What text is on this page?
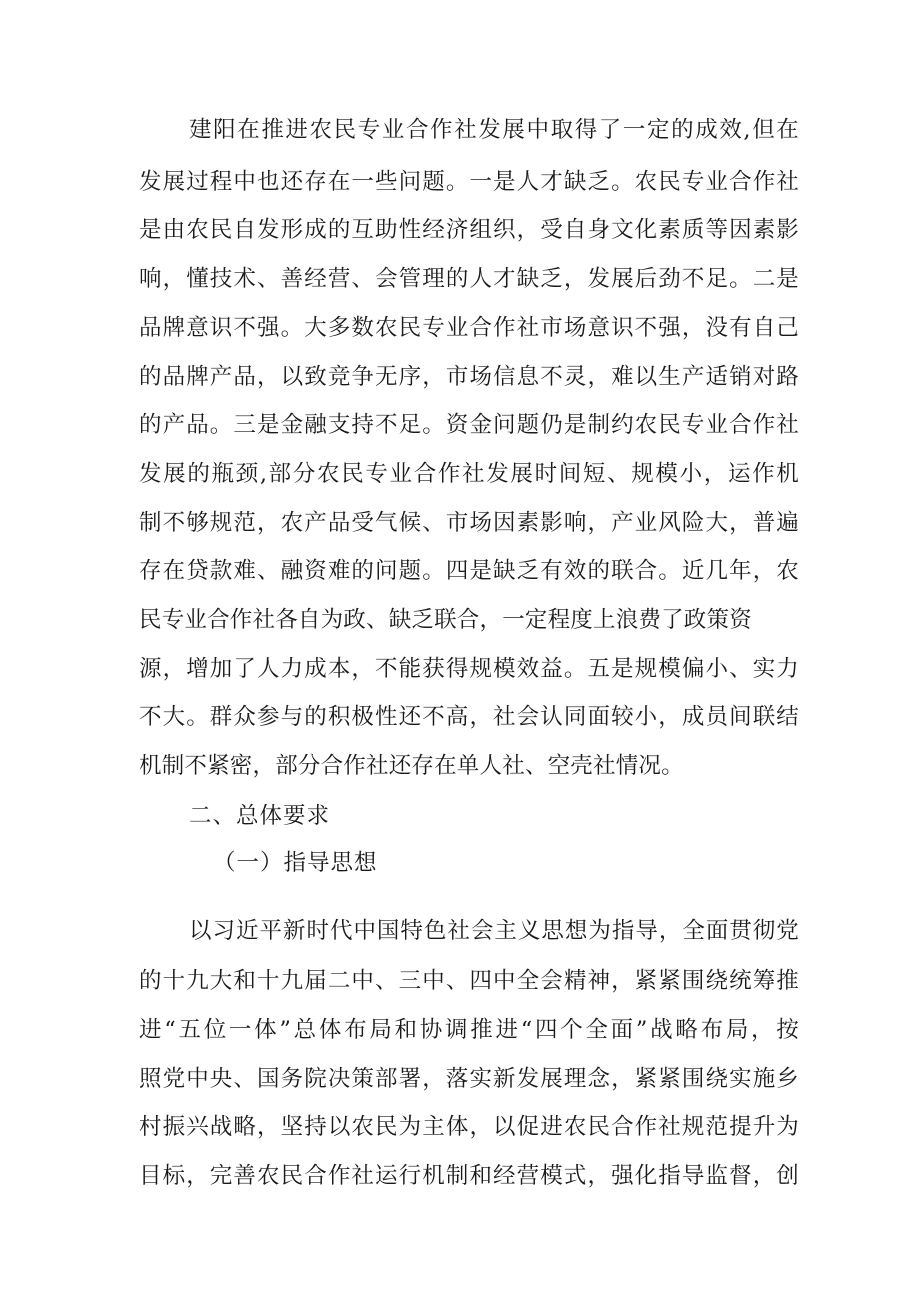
建阳在推进农民专业合作社发展中取得了一定的成效,但在
发展过程中也还存在一些问题。一是人才缺乏。农民专业合作社
是由农民自发形成的互助性经济组织，受自身文化素质等因素影
响，懂技术、善经营、会管理的人才缺乏，发展后劲不足。二是
品牌意识不强。大多数农民专业合作社市场意识不强，没有自己
的品牌产品，以致竞争无序，市场信息不灵，难以生产适销对路
的产品。三是金融支持不足。资金问题仍是制约农民专业合作社
发展的瓶颈,部分农民专业合作社发展时间短、规模小，运作机
制不够规范，农产品受气候、市场因素影响，产业风险大，普遍
存在贷款难、融资难的问题。四是缺乏有效的联合。近几年，农
民专业合作社各自为政、缺乏联合，一定程度上浪费了政策资
源，增加了人力成本，不能获得规模效益。五是规模偏小、实力
不大。群众参与的积极性还不高，社会认同面较小，成员间联结
机制不紧密，部分合作社还存在单人社、空壳社情况。
二、总体要求
（一）指导思想
以习近平新时代中国特色社会主义思想为指导，全面贯彻党
的十九大和十九届二中、三中、四中全会精神，紧紧围绕统筹推
进“五位一体”总体布局和协调推进“四个全面”战略布局，按
照党中央、国务院决策部署，落实新发展理念，紧紧围绕实施乡
村振兴战略，坚持以农民为主体，以促进农民合作社规范提升为
目标，完善农民合作社运行机制和经营模式，强化指导监督，创
